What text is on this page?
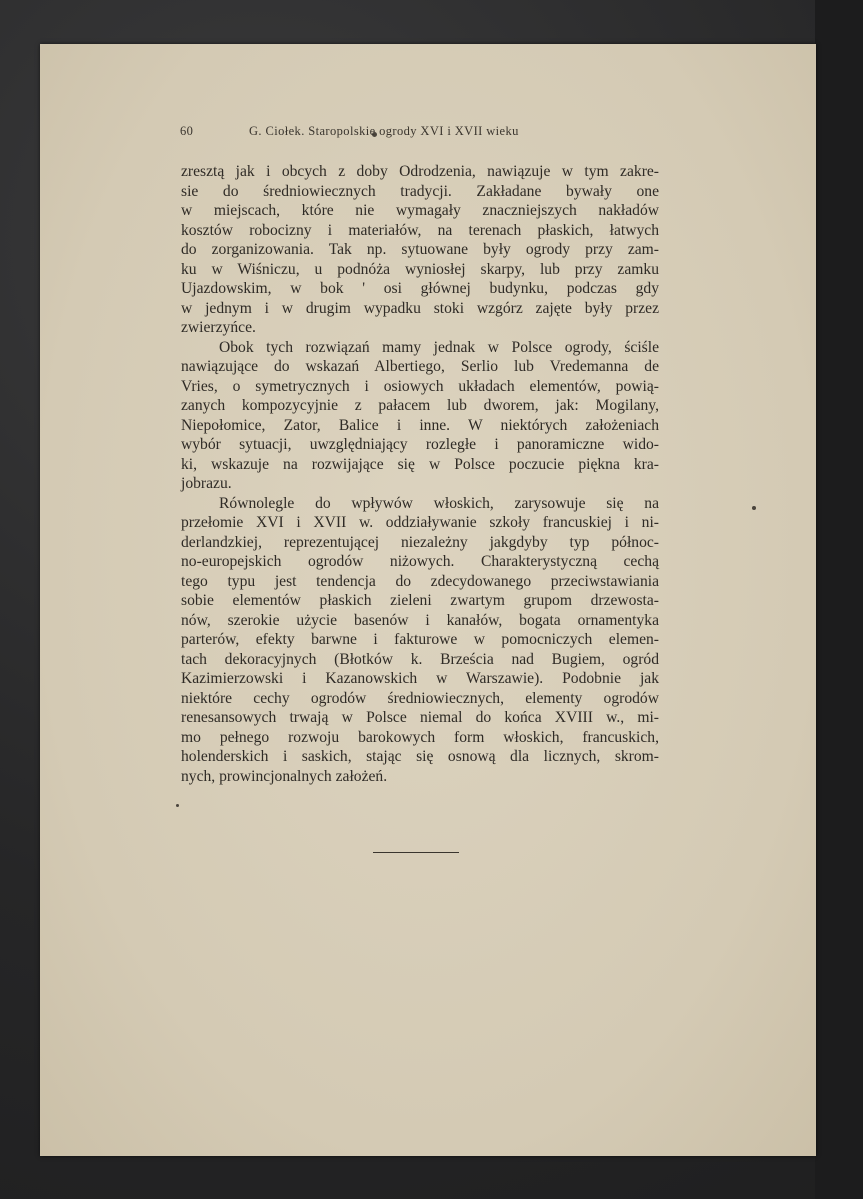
60	G. Ciołek. Staropolskie ogrody XVI i XVII wieku
zresztą jak i obcych z doby Odrodzenia, nawiązuje w tym zakre-
sie do średniowiecznych tradycji. Zakładane bywały one
w miejscach, które nie wymagały znaczniejszych nakładów
kosztów robocizny i materiałów, na terenach płaskich, łatwych
do zorganizowania. Tak np. sytuowane były ogrody przy zam-
ku w Wiśniczu, u podnóża wyniosłej skarpy, lub przy zamku
Ujazdowskim, w bok ' osi głównej budynku, podczas gdy
w jednym i w drugim wypadku stoki wzgórz zajęte były przez
zwierzyńce.
Obok tych rozwiązań mamy jednak w Polsce ogrody, ściśle
nawiązujące do wskazań Albertiego, Serlio lub Vredemanna de
Vries, o symetrycznych i osiowych układach elementów, powią-
zanych kompozycyjnie z pałacem lub dworem, jak: Mogilany,
Niepołomice, Zator, Balice i inne. W niektórych założeniach
wybór sytuacji, uwzględniający rozległe i panoramiczne wido-
ki, wskazuje na rozwijające się w Polsce poczucie piękna kra-
jobrazu.
Równolegle do wpływów włoskich, zarysowuje się na
przełomie XVI i XVII w. oddziaływanie szkoły francuskiej i ni-
derlandzkiej, reprezentującej niezależny jakgdyby typ północ-
no-europejskich ogrodów niżowych. Charakterystyczną cechą
tego typu jest tendencja do zdecydowanego przeciwstawiania
sobie elementów płaskich zieleni zwartym grupom drzewosta-
nów, szerokie użycie basenów i kanałów, bogata ornamentyka
parterów, efekty barwne i fakturowe w pomocniczych elemen-
tach dekoracyjnych (Błotków k. Brześcia nad Bugiem, ogród
Kazimierzowski i Kazanowskich w Warszawie). Podobnie jak
niektóre cechy ogrodów średniowiecznych, elementy ogrodów
renesansowych trwają w Polsce niemal do końca XVIII w., mi-
mo pełnego rozwoju barokowych form włoskich, francuskich,
holenderskich i saskich, stając się osnową dla licznych, skrom-
nych, prowincjonalnych założeń.
